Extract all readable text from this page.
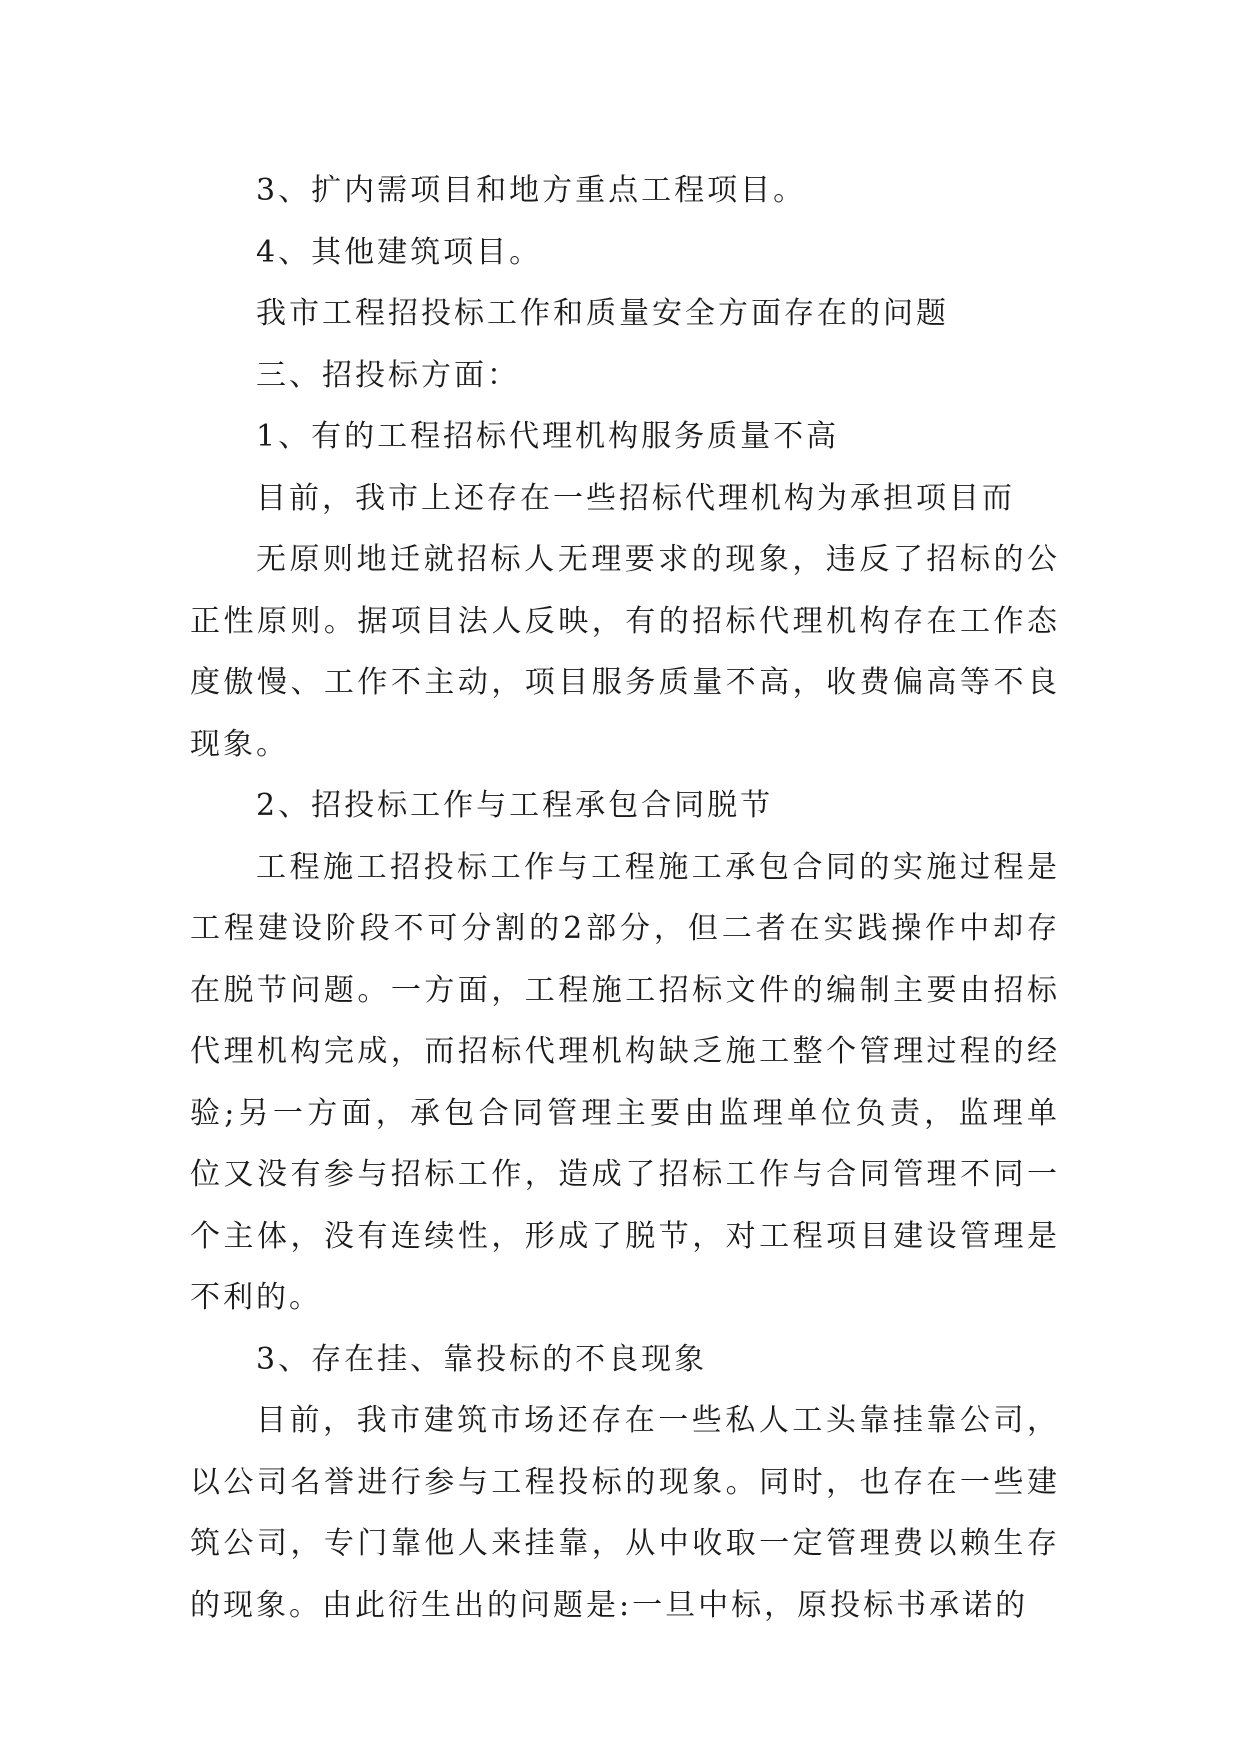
3、扩内需项目和地方重点工程项目。

4、其他建筑项目。

我市工程招投标工作和质量安全方面存在的问题

三、招投标方面：

1、有的工程招标代理机构服务质量不高

目前，我市上还存在一些招标代理机构为承担项目而

无原则地迁就招标人无理要求的现象，违反了招标的公正性原则。据项目法人反映，有的招标代理机构存在工作态度傲慢、工作不主动，项目服务质量不高，收费偏高等不良现象。

2、招投标工作与工程承包合同脱节

工程施工招投标工作与工程施工承包合同的实施过程是工程建设阶段不可分割的2部分，但二者在实践操作中却存在脱节问题。一方面，工程施工招标文件的编制主要由招标代理机构完成，而招标代理机构缺乏施工整个管理过程的经验;另一方面，承包合同管理主要由监理单位负责，监理单位又没有参与招标工作，造成了招标工作与合同管理不同一个主体，没有连续性，形成了脱节，对工程项目建设管理是不利的。

3、存在挂、靠投标的不良现象

目前，我市建筑市场还存在一些私人工头靠挂靠公司，以公司名誉进行参与工程投标的现象。同时，也存在一些建筑公司，专门靠他人来挂靠，从中收取一定管理费以赖生存的现象。由此衍生出的问题是:一旦中标，原投标书承诺的
